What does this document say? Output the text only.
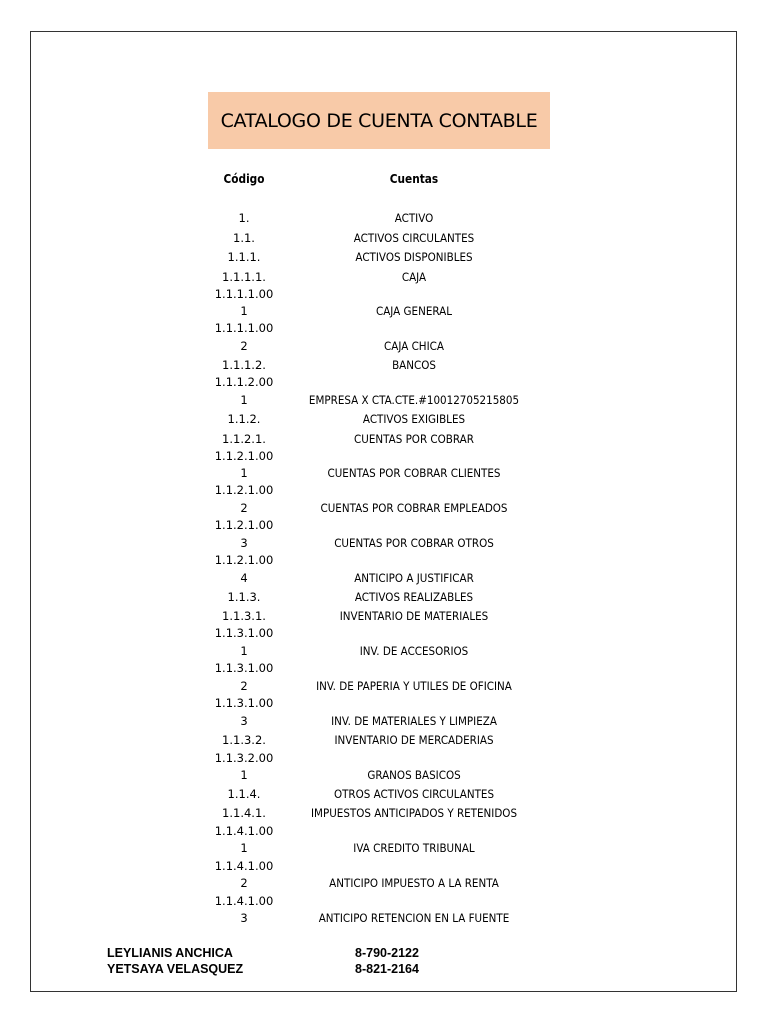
CATALOGO DE CUENTA CONTABLE
Código	Cuentas
1.	ACTIVO
1.1.	ACTIVOS CIRCULANTES
1.1.1.	ACTIVOS DISPONIBLES
1.1.1.1.	CAJA
1.1.1.1.00
1	CAJA GENERAL
1.1.1.1.00
2	CAJA CHICA
1.1.1.2.	BANCOS
1.1.1.2.00
1	EMPRESA X CTA.CTE.#10012705215805
1.1.2.	ACTIVOS EXIGIBLES
1.1.2.1.	CUENTAS POR COBRAR
1.1.2.1.00
1	CUENTAS POR COBRAR CLIENTES
1.1.2.1.00
2	CUENTAS POR COBRAR EMPLEADOS
1.1.2.1.00
3	CUENTAS POR COBRAR OTROS
1.1.2.1.00
4	ANTICIPO A JUSTIFICAR
1.1.3.	ACTIVOS REALIZABLES
1.1.3.1.	INVENTARIO DE MATERIALES
1.1.3.1.00
1	INV. DE ACCESORIOS
1.1.3.1.00
2	INV. DE PAPERIA Y UTILES DE OFICINA
1.1.3.1.00
3	INV. DE MATERIALES Y LIMPIEZA
1.1.3.2.	INVENTARIO DE MERCADERIAS
1.1.3.2.00
1	GRANOS BASICOS
1.1.4.	OTROS ACTIVOS CIRCULANTES
1.1.4.1.	IMPUESTOS ANTICIPADOS Y RETENIDOS
1.1.4.1.00
1	IVA CREDITO TRIBUNAL
1.1.4.1.00
2	ANTICIPO IMPUESTO A LA RENTA
1.1.4.1.00
3	ANTICIPO RETENCION EN LA FUENTE
LEYLIANIS ANCHICA	8-790-2122
YETSAYA VELASQUEZ	8-821-2164
